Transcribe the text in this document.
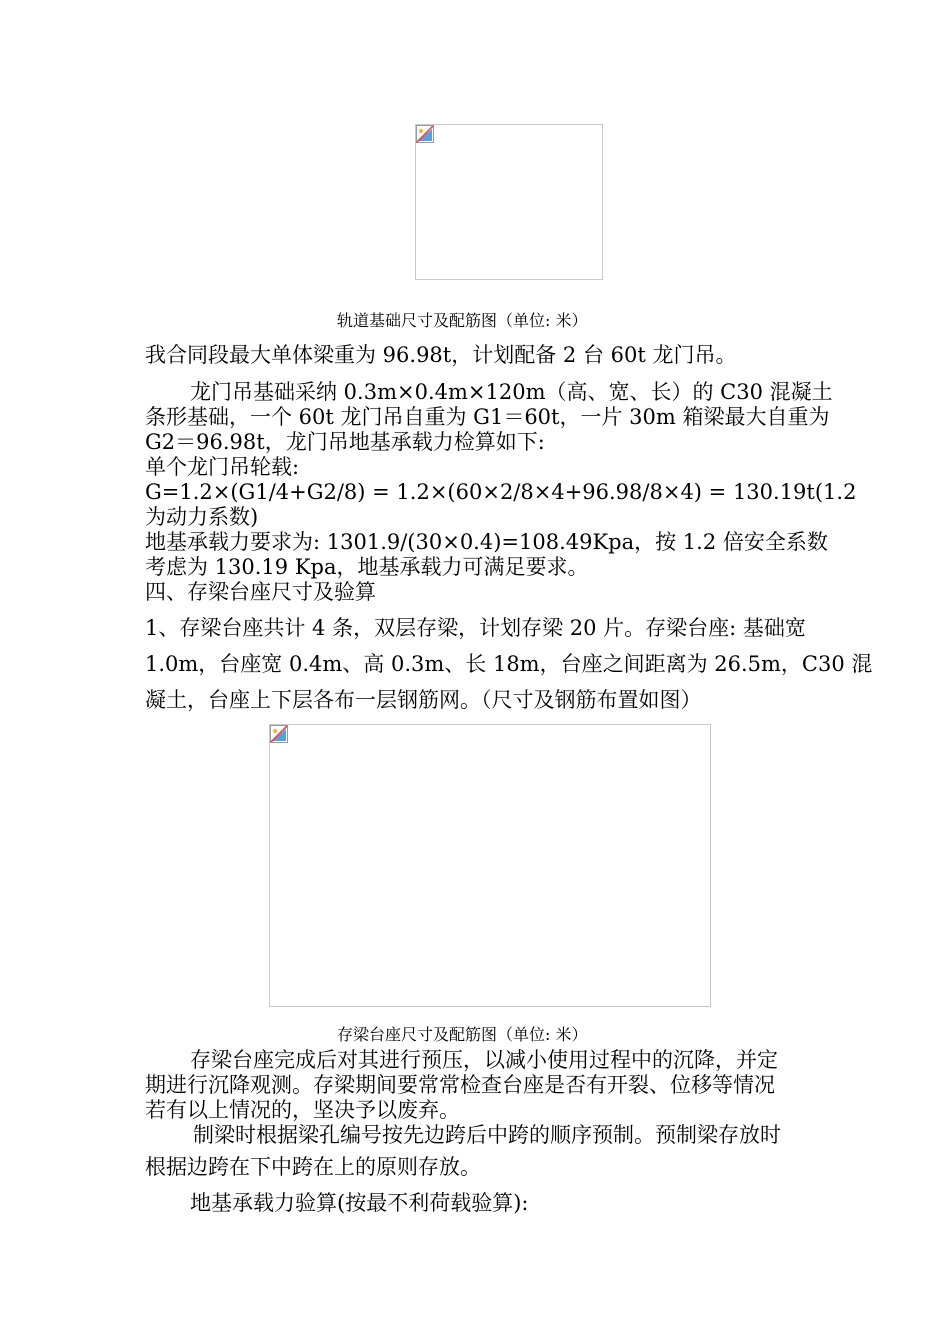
轨道基础尺寸及配筋图（单位: 米）
我合同段最大单体梁重为 96.98t，计划配备 2 台 60t 龙门吊。
龙门吊基础采纳 0.3m×0.4m×120m（高、宽、长）的 C30 混凝土
条形基础，一个 60t 龙门吊自重为 G1＝60t，一片 30m 箱梁最大自重为
G2＝96.98t，龙门吊地基承载力检算如下:
单个龙门吊轮载:
G=1.2×(G1/4+G2/8) = 1.2×(60×2/8×4+96.98/8×4) = 130.19t(1.2
为动力系数)
地基承载力要求为: 1301.9/(30×0.4)=108.49Kpa，按 1.2 倍安全系数
考虑为 130.19 Kpa，地基承载力可满足要求。
四、存梁台座尺寸及验算
1、存梁台座共计 4 条，双层存梁，计划存梁 20 片。存梁台座: 基础宽
1.0m，台座宽 0.4m、高 0.3m、长 18m，台座之间距离为 26.5m，C30 混
凝土，台座上下层各布一层钢筋网。（尺寸及钢筋布置如图）
存梁台座尺寸及配筋图（单位: 米）
存梁台座完成后对其进行预压，以减小使用过程中的沉降，并定
期进行沉降观测。存梁期间要常常检查台座是否有开裂、位移等情况
若有以上情况的，坚决予以废弃。
制梁时根据梁孔编号按先边跨后中跨的顺序预制。预制梁存放时
根据边跨在下中跨在上的原则存放。
地基承载力验算(按最不利荷载验算):
